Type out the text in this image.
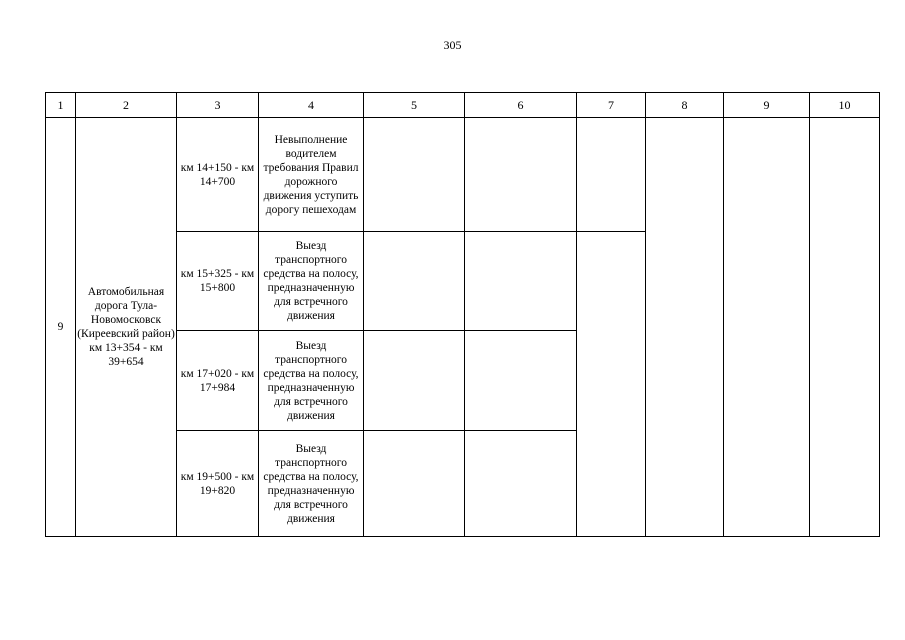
305
1	2	3	4	5	6	7	8	9	10
9	Автомобильная дорога Тула-Новомосковск (Киреевский район) км 13+354 - км 39+654	км 14+150 - км 14+700	Невыполнение водителем требования Правил дорожного движения уступить дорогу пешеходам						

		км 15+325 - км 15+800	Выезд транспортного средства на полосу, предназначенную для встречного движения						

		км 17+020 - км 17+984	Выезд транспортного средства на полосу, предназначенную для встречного движения						

		км 19+500 - км 19+820	Выезд транспортного средства на полосу, предназначенную для встречного движения						
